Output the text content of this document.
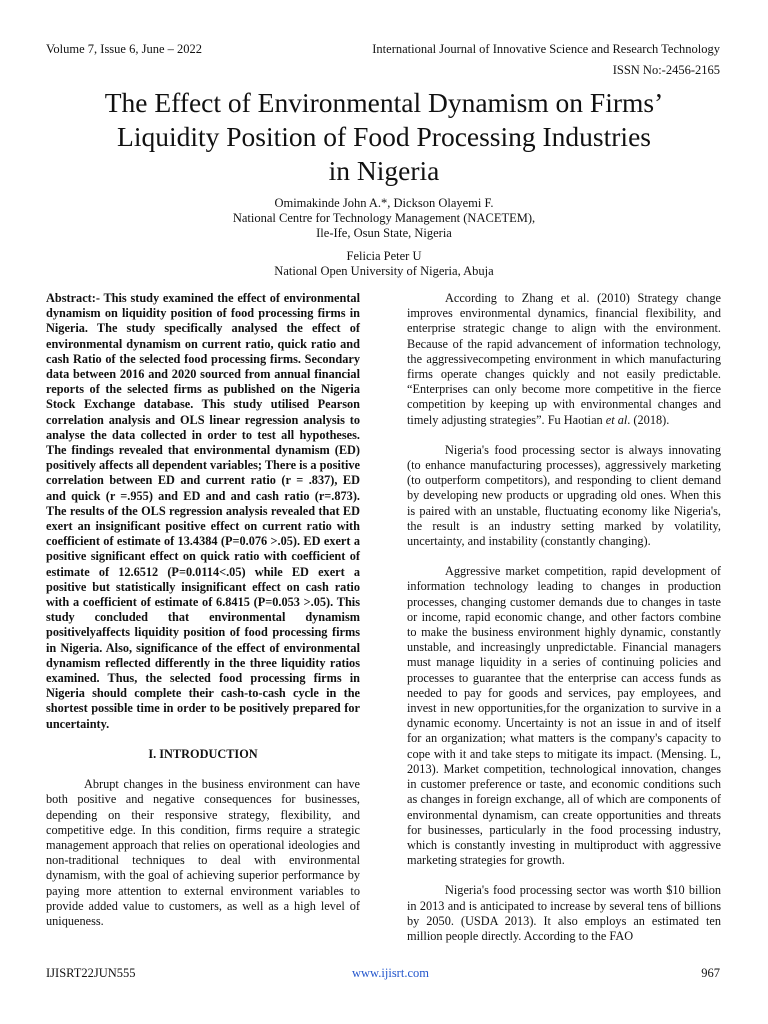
Volume 7, Issue 6, June – 2022	International Journal of Innovative Science and Research Technology
ISSN No:-2456-2165
The Effect of Environmental Dynamism on Firms’
Liquidity Position of Food Processing Industries
in Nigeria
Omimakinde John A.*, Dickson Olayemi F.
National Centre for Technology Management (NACETEM),
Ile-Ife, Osun State, Nigeria
Felicia Peter U
National Open University of Nigeria, Abuja

Abstract:- This study examined the effect of environmental dynamism on liquidity position of food processing firms in Nigeria. The study specifically analysed the effect of environmental dynamism on current ratio, quick ratio and cash Ratio of the selected food processing firms. Secondary data between 2016 and 2020 sourced from annual financial reports of the selected firms as published on the Nigeria Stock Exchange database. This study utilised Pearson correlation analysis and OLS linear regression analysis to analyse the data collected in order to test all hypotheses. The findings revealed that environmental dynamism (ED) positively affects all dependent variables; There is a positive correlation between ED and current ratio (r = .837), ED and quick (r =.955) and ED and and cash ratio (r=.873). The results of the OLS regression analysis revealed that ED exert an insignificant positive effect on current ratio with coefficient of estimate of 13.4384 (P=0.076 >.05). ED exert a positive significant effect on quick ratio with coefficient of estimate of 12.6512 (P=0.0114<.05) while ED exert a positive but statistically insignificant effect on cash ratio with a coefficient of estimate of 6.8415 (P=0.053 >.05). This study concluded that environmental dynamism positivelyaffects liquidity position of food processing firms in Nigeria. Also, significance of the effect of environmental dynamism reflected differently in the three liquidity ratios examined. Thus, the selected food processing firms in Nigeria should complete their cash-to-cash cycle in the shortest possible time in order to be positively prepared for uncertainty.

I. INTRODUCTION

Abrupt changes in the business environment can have both positive and negative consequences for businesses, depending on their responsive strategy, flexibility, and competitive edge. In this condition, firms require a strategic management approach that relies on operational ideologies and non-traditional techniques to deal with environmental dynamism, with the goal of achieving superior performance by paying more attention to external environment variables to provide added value to customers, as well as a high level of uniqueness.

According to Zhang et al. (2010) Strategy change improves environmental dynamics, financial flexibility, and enterprise strategic change to align with the environment. Because of the rapid advancement of information technology, the aggressivecompeting environment in which manufacturing firms operate changes quickly and not easily predictable. “Enterprises can only become more competitive in the fierce competition by keeping up with environmental changes and timely adjusting strategies”. Fu Haotian et al. (2018).

Nigeria's food processing sector is always innovating (to enhance manufacturing processes), aggressively marketing (to outperform competitors), and responding to client demand by developing new products or upgrading old ones. When this is paired with an unstable, fluctuating economy like Nigeria's, the result is an industry setting marked by volatility, uncertainty, and instability (constantly changing).

Aggressive market competition, rapid development of information technology leading to changes in production processes, changing customer demands due to changes in taste or income, rapid economic change, and other factors combine to make the business environment highly dynamic, constantly unstable, and increasingly unpredictable. Financial managers must manage liquidity in a series of continuing policies and processes to guarantee that the enterprise can access funds as needed to pay for goods and services, pay employees, and invest in new opportunities,for the organization to survive in a dynamic economy. Uncertainty is not an issue in and of itself for an organization; what matters is the company's capacity to cope with it and take steps to mitigate its impact. (Mensing. L, 2013). Market competition, technological innovation, changes in customer preference or taste, and economic conditions such as changes in foreign exchange, all of which are components of environmental dynamism, can create opportunities and threats for businesses, particularly in the food processing industry, which is constantly investing in multiproduct with aggressive marketing strategies for growth.

Nigeria's food processing sector was worth $10 billion in 2013 and is anticipated to increase by several tens of billions by 2050. (USDA 2013). It also employs an estimated ten million people directly. According to the FAO

IJISRT22JUN555	www.ijisrt.com	967
